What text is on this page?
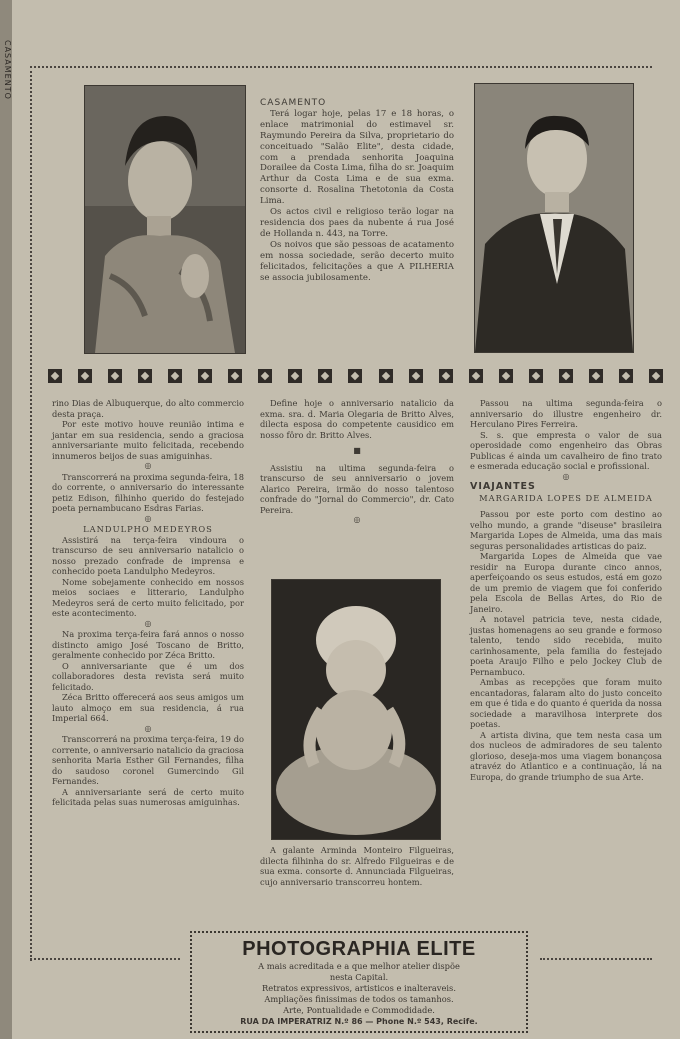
CASAMENTO

CASAMENTO

Terá logar hoje, pelas 17 e 18 horas, o enlace matrimonial do estimavel sr. Raymundo Pereira da Silva, proprietario do conceituado "Salão Elite", desta cidade, com a prendada senhorita Joaquina Dorailee da Costa Lima, filha do sr. Joaquim Arthur da Costa Lima e de sua exma. consorte d. Rosalina Thetotonia da Costa Lima.

Os actos civil e religioso terão logar na residencia dos paes da nubente á rua José de Hollanda n. 443, na Torre.

Os noivos que são pessoas de acatamento em nossa sociedade, serão decerto muito felicitados, felicitações a que A PILHERIA se associa jubilosamente.

rino Dias de Albuquerque, do alto commercio desta praça.

Por este motivo houve reunião intima e jantar em sua residencia, sendo a graciosa anniversariante muito felicitada, recebendo innumeros beijos de suas amiguinhas.

◎

Transcorrerá na proxima segunda-feira, 18 do corrente, o anniversario do interessante petiz Edison, filhinho querido do festejado poeta pernambucano Esdras Farias.

◎

LANDULPHO MEDEYROS

Assistirá na terça-feira vindoura o transcurso de seu anniversario natalicio o nosso prezado confrade de imprensa e conhecido poeta Landulpho Medeyros.

Nome sobejamente conhecido em nossos meios sociaes e litterario, Landulpho Medeyros será de certo muito felicitado, por este acontecimento.

◎

Na proxima terça-feira fará annos o nosso distincto amigo José Toscano de Britto, geralmente conhecido por Zéca Britto.

O anniversariante que é um dos collaboradores desta revista será muito felicitado.

Zéca Britto offerecerá aos seus amigos um lauto almoço em sua residencia, á rua Imperial 664.

◎

Transcorrerá na proxima terça-feira, 19 do corrente, o anniversario natalicio da graciosa senhorita Maria Esther Gil Fernandes, filha do saudoso coronel Gumercindo Gil Fernandes.

A anniversariante será de certo muito felicitada pelas suas numerosas amiguinhas.

Define hoje o anniversario natalicio da exma. sra. d. Maria Olegaria de Britto Alves, dilecta esposa do competente causidico em nosso fôro dr. Britto Alves.

■

Assistiu na ultima segunda-feira o transcurso de seu anniversario o jovem Alarico Pereira, irmão do nosso talentoso confrade do "Jornal do Commercio", dr. Cato Pereira.

◎

A galante Arminda Monteiro Filgueiras, dilecta filhinha do sr. Alfredo Filgueiras e de sua exma. consorte d. Annunciada Filgueiras, cujo anniversario transcorreu hontem.

Passou na ultima segunda-feira o anniversario do illustre engenheiro dr. Herculano Pires Ferreira.

S. s. que empresta o valor de sua operosidade como engenheiro das Obras Publicas é ainda um cavalheiro de fino trato e esmerada educação social e profissional.

◎

VIAJANTES

MARGARIDA LOPES DE ALMEIDA

Passou por este porto com destino ao velho mundo, a grande "diseuse" brasileira Margarida Lopes de Almeida, uma das mais seguras personalidades artisticas do paiz.

Margarida Lopes de Almeida que vae residir na Europa durante cinco annos, aperfeiçoando os seus estudos, está em gozo de um premio de viagem que foi conferido pela Escola de Bellas Artes, do Rio de Janeiro.

A notavel patricia teve, nesta cidade, justas homenagens ao seu grande e formoso talento, tendo sido recebida, muito carinhosamente, pela familia do festejado poeta Araujo Filho e pelo Jockey Club de Pernambuco.

Ambas as recepções que foram muito encantadoras, falaram alto do justo conceito em que é tida e do quanto é querida da nossa sociedade a maravilhosa interprete dos poetas.

A artista divina, que tem nesta casa um dos nucleos de admiradores de seu talento glorioso, deseja-mos uma viagem bonançosa atravéz do Atlantico e a continuação, lá na Europa, do grande triumpho de sua Arte.

PHOTOGRAPHIA ELITE
A mais acreditada e a que melhor atelier dispõe
nesta Capital.
Retratos expressivos, artisticos e inalteraveis.
Ampliações finissimas de todos os tamanhos.
Arte, Pontualidade e Commodidade.
RUA DA IMPERATRIZ N.º 86 — Phone N.º 543, Recife.
